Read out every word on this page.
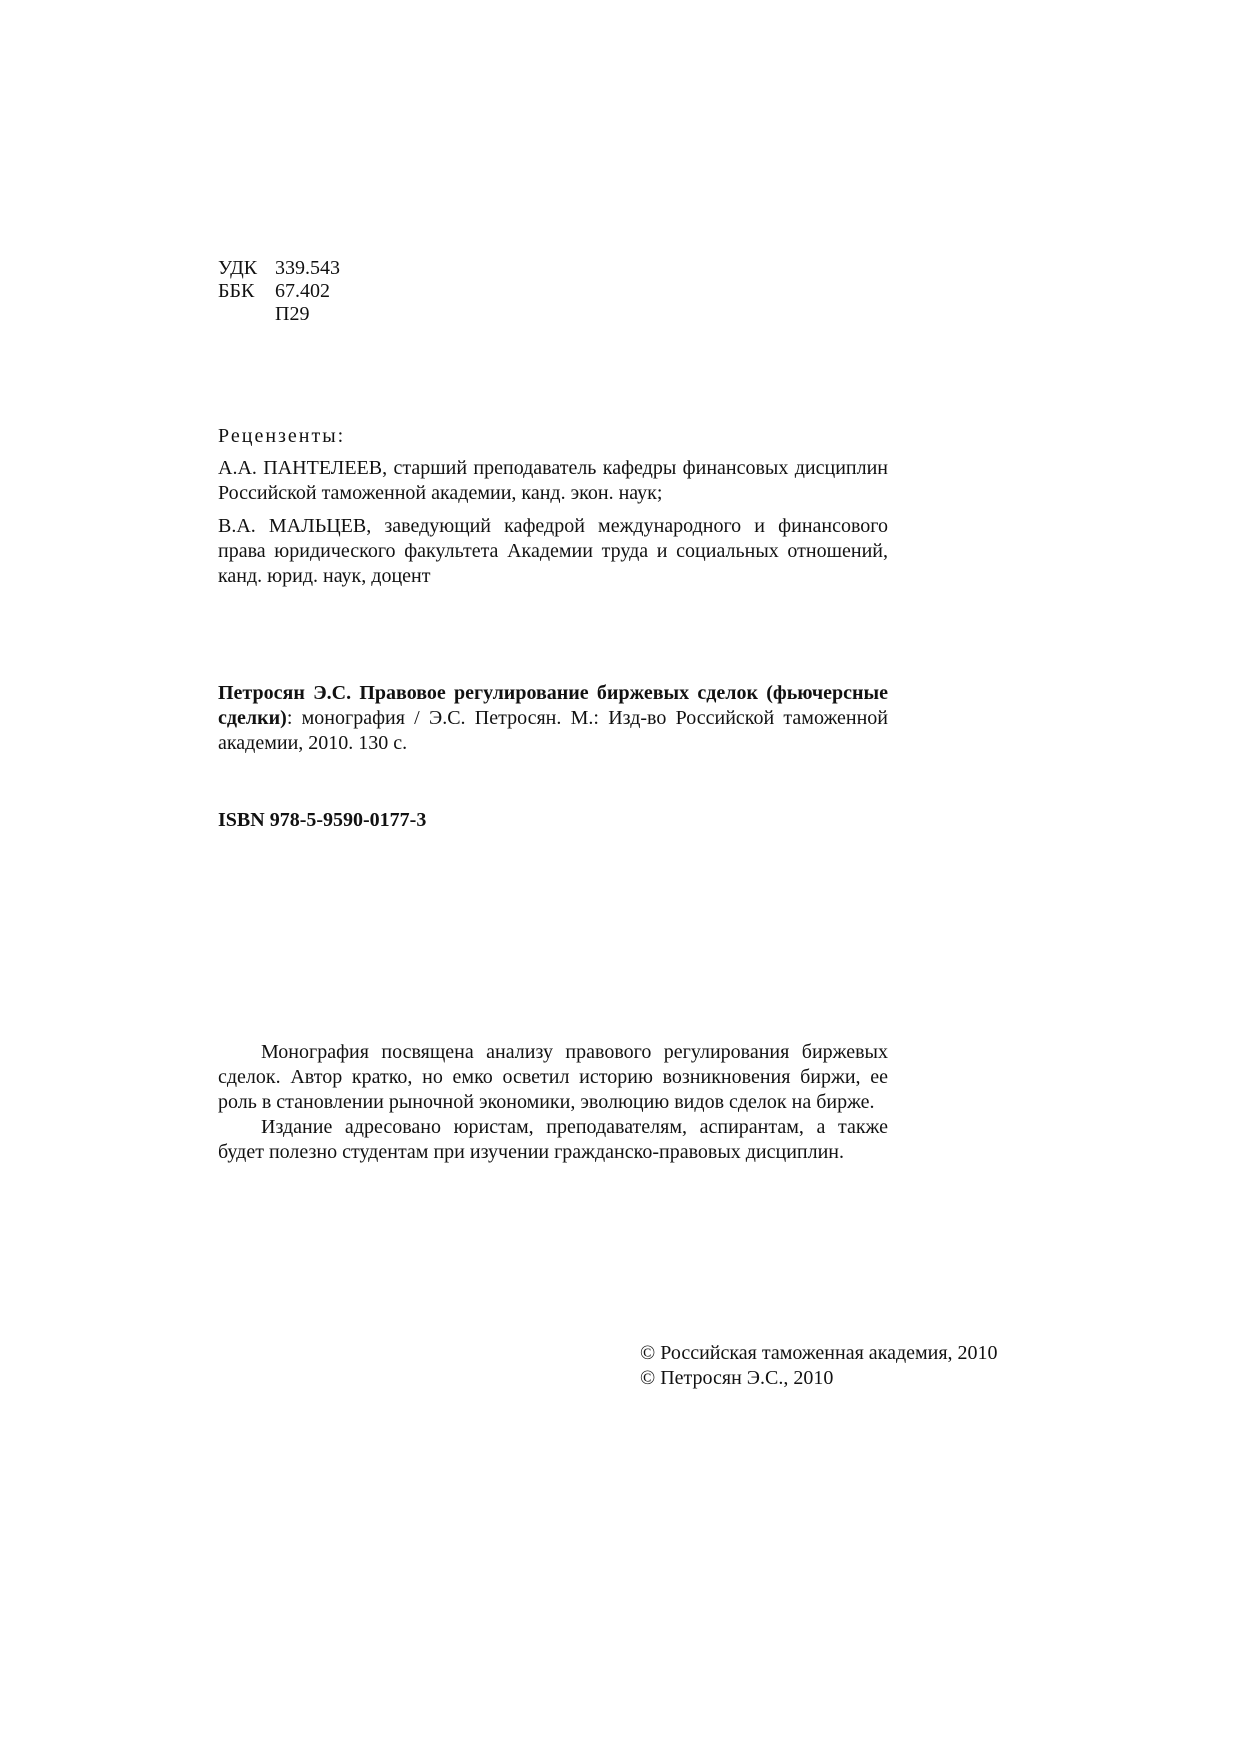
УДК 339.543
ББК	67.402
П29
Рецензенты:
А.А. ПАНТЕЛЕЕВ, старший преподаватель кафедры финансовых дисциплин Российской таможенной академии, канд. экон. наук;
В.А. МАЛЬЦЕВ, заведующий кафедрой международного и финансового права юридического факультета Академии труда и социальных отношений, канд. юрид. наук, доцент
Петросян Э.С. Правовое регулирование биржевых сделок (фьючерсные сделки): монография / Э.С. Петросян. М.: Изд-во Российской таможенной академии, 2010. 130 с.
ISBN 978-5-9590-0177-3

Монография посвящена анализу правового регулирования биржевых сделок. Автор кратко, но емко осветил историю возникновения биржи, ее роль в становлении рыночной экономики, эволюцию видов сделок на бирже.

Издание адресовано юристам, преподавателям, аспирантам, а также будет полезно студентам при изучении гражданско-правовых дисциплин.

© Российская таможенная академия, 2010
© Петросян Э.С., 2010
